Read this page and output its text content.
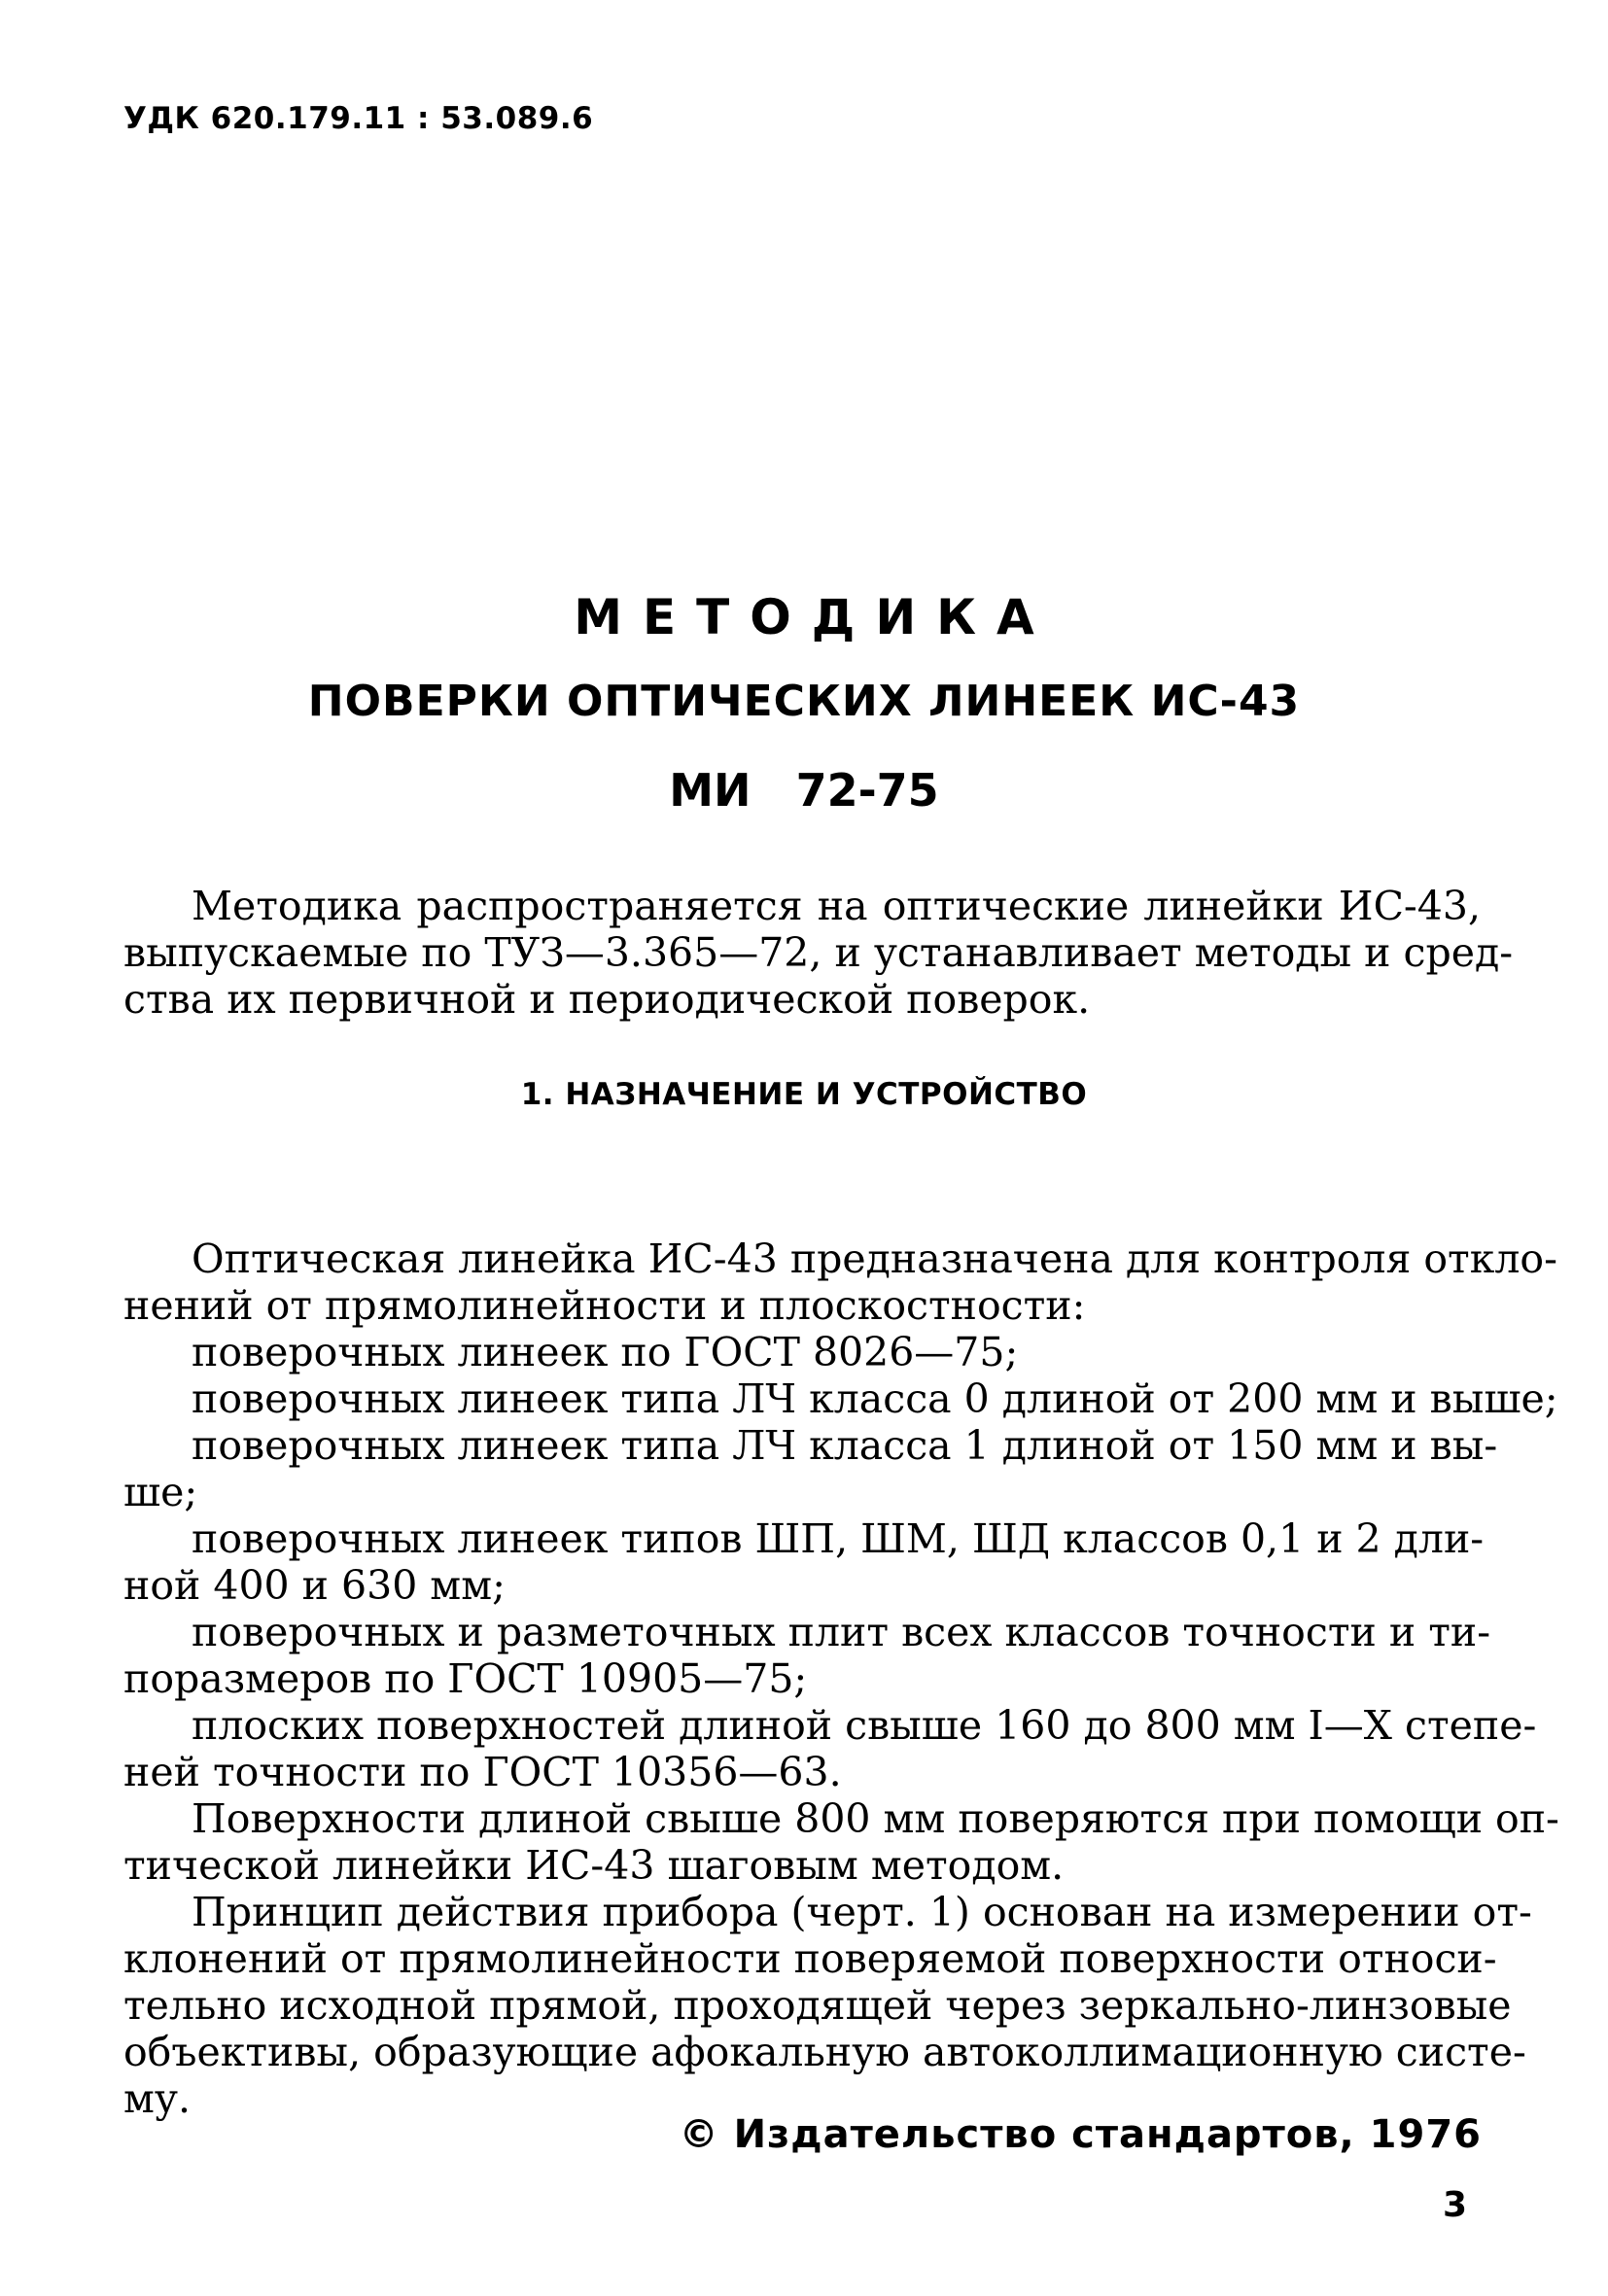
УДК 620.179.11 : 53.089.6
МЕТОДИКА
ПОВЕРКИ ОПТИЧЕСКИХ ЛИНЕЕК ИС-43
МИ 72-75
Методика распространяется на оптические линейки ИС-43,
выпускаемые по ТУЗ—3.365—72, и устанавливает методы и сред-
ства их первичной и периодической поверок.
1. НАЗНАЧЕНИЕ И УСТРОЙСТВО
Оптическая линейка ИС-43 предназначена для контроля откло-
нений от прямолинейности и плоскостности:
поверочных линеек по ГОСТ 8026—75;
поверочных линеек типа ЛЧ класса 0 длиной от 200 мм и выше;
поверочных линеек типа ЛЧ класса 1 длиной от 150 мм и вы-
ше;
поверочных линеек типов ШП, ШМ, ШД классов 0,1 и 2 дли-
ной 400 и 630 мм;
поверочных и разметочных плит всех классов точности и ти-
поразмеров по ГОСТ 10905—75;
плоских поверхностей длиной свыше 160 до 800 мм I—X степе-
ней точности по ГОСТ 10356—63.
Поверхности длиной свыше 800 мм поверяются при помощи оп-
тической линейки ИС-43 шаговым методом.
Принцип действия прибора (черт. 1) основан на измерении от-
клонений от прямолинейности поверяемой поверхности относи-
тельно исходной прямой, проходящей через зеркально-линзовые
объективы, образующие афокальную автоколлимационную систе-
му.
© Издательство стандартов, 1976
3
